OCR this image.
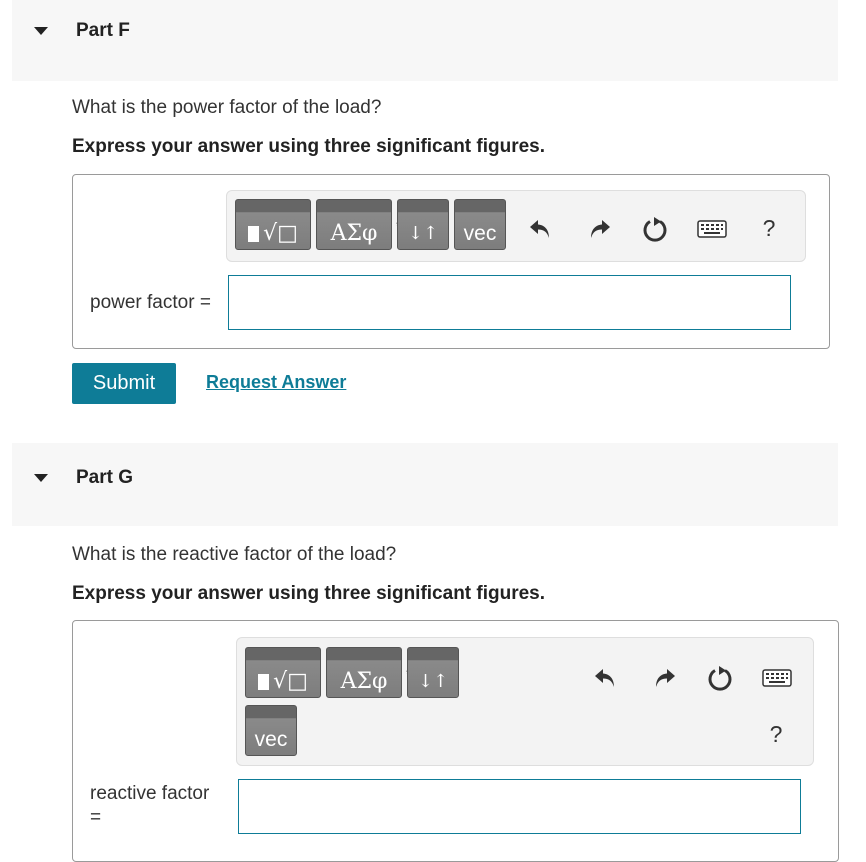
Part F
What is the power factor of the load?
Express your answer using three significant figures.
√□	ΑΣφ	↓↑	vec	?
power factor =
Submit	Request Answer
Part G
What is the reactive factor of the load?
Express your answer using three significant figures.
√□	ΑΣφ	↓↑
vec	?
reactive factor
=
